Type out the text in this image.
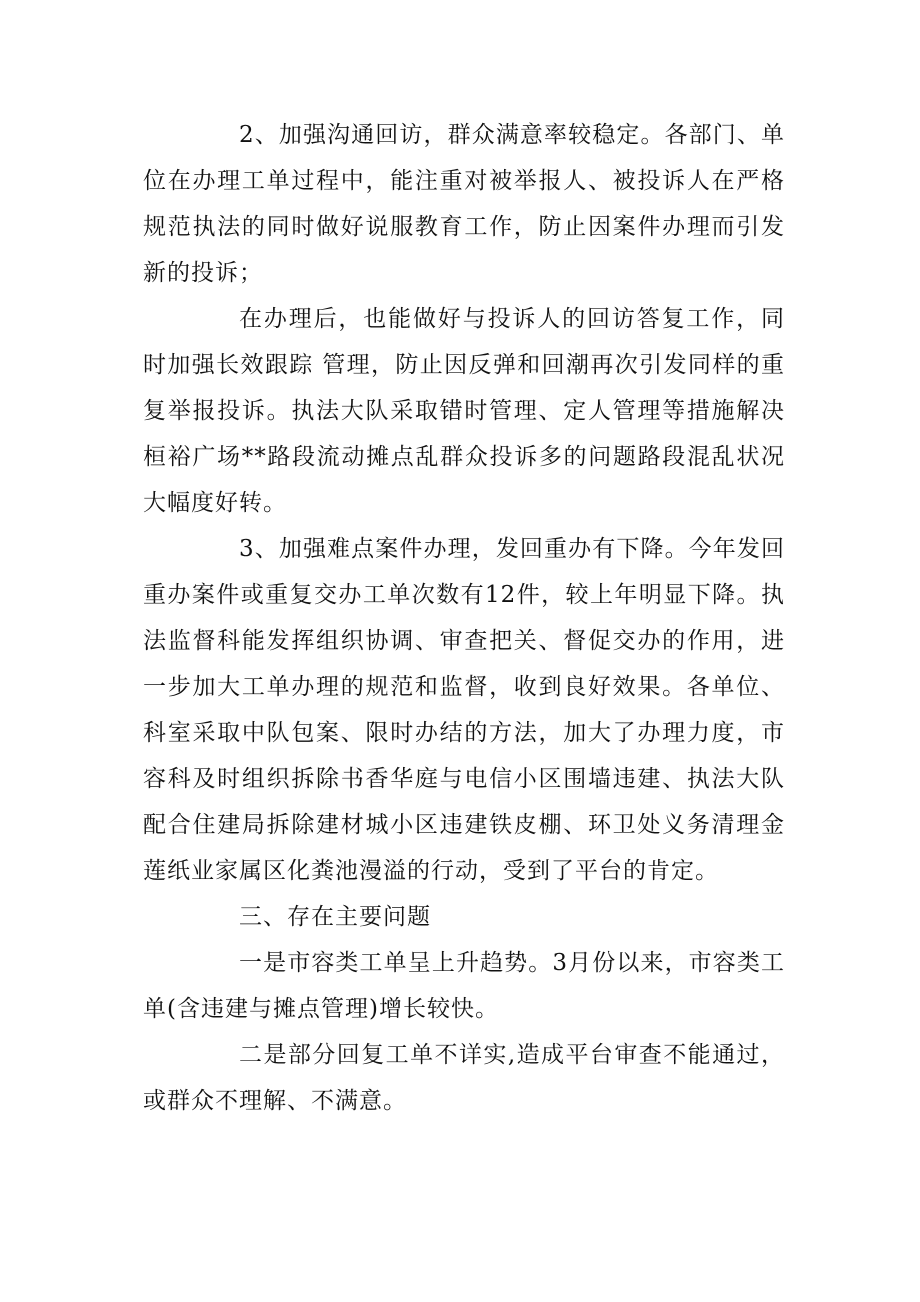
2、加强沟通回访，群众满意率较稳定。各部门、单位在办理工单过程中，能注重对被举报人、被投诉人在严格规范执法的同时做好说服教育工作，防止因案件办理而引发新的投诉；

在办理后，也能做好与投诉人的回访答复工作，同时加强长效跟踪 管理，防止因反弹和回潮再次引发同样的重复举报投诉。执法大队采取错时管理、定人管理等措施解决桓裕广场**路段流动摊点乱群众投诉多的问题路段混乱状况大幅度好转。

3、加强难点案件办理，发回重办有下降。今年发回重办案件或重复交办工单次数有12件，较上年明显下降。执法监督科能发挥组织协调、审查把关、督促交办的作用，进一步加大工单办理的规范和监督，收到良好效果。各单位、科室采取中队包案、限时办结的方法，加大了办理力度，市容科及时组织拆除书香华庭与电信小区围墙违建、执法大队配合住建局拆除建材城小区违建铁皮棚、环卫处义务清理金莲纸业家属区化粪池漫溢的行动，受到了平台的肯定。

三、存在主要问题

一是市容类工单呈上升趋势。3月份以来，市容类工单(含违建与摊点管理)增长较快。

二是部分回复工单不详实,造成平台审查不能通过，或群众不理解、不满意。
